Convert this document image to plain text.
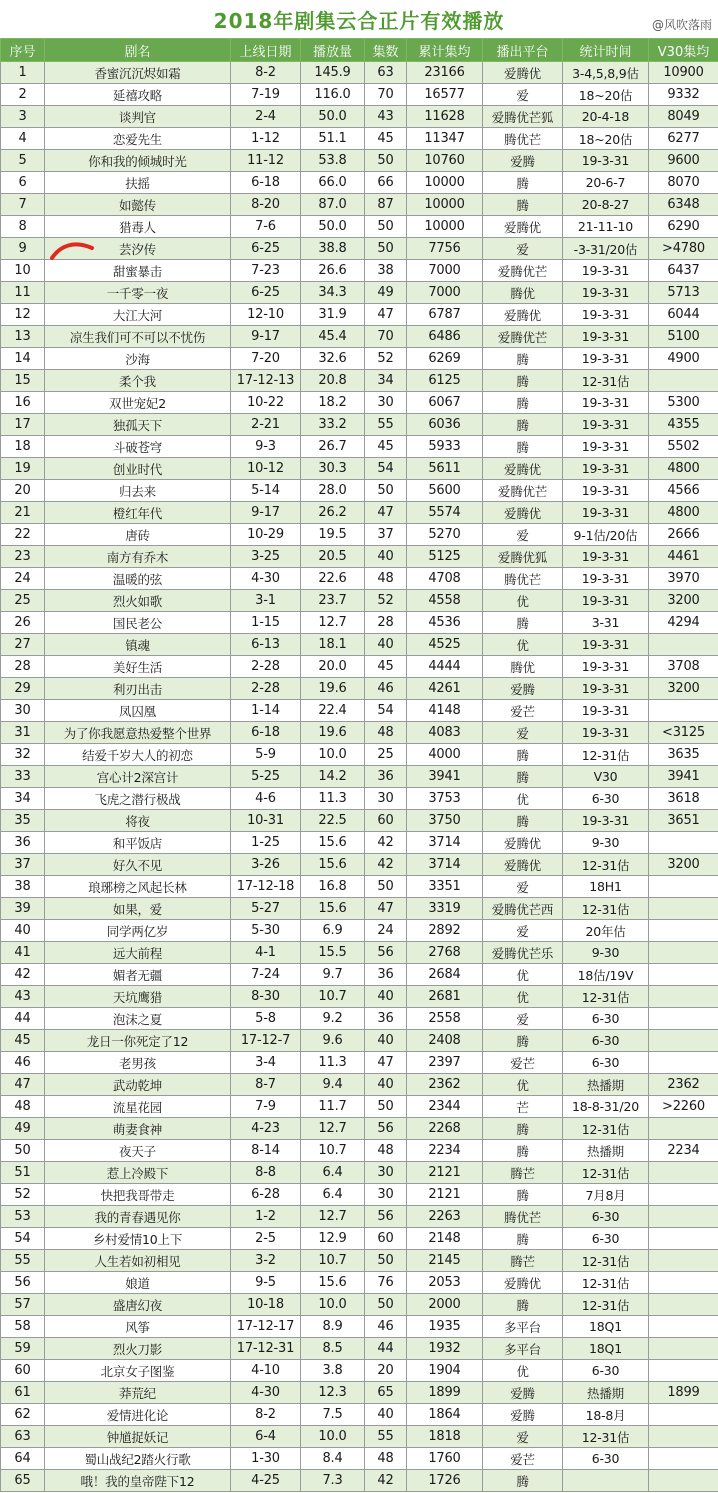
2018年剧集云合正片有效播放	@风吹落雨
序号	剧名	上线日期	播放量	集数	累计集均	播出平台	统计时间	V30集均
1	香蜜沉沉烬如霜	8-2	145.9	63	23166	爱腾优	3-4,5,8,9估	10900
2	延禧攻略	7-19	116.0	70	16577	爱	18~20估	9332
3	谈判官	2-4	50.0	43	11628	爱腾优芒狐	20-4-18	8049
4	恋爱先生	1-12	51.1	45	11347	腾优芒	18~20估	6277
5	你和我的倾城时光	11-12	53.8	50	10760	爱腾	19-3-31	9600
6	扶摇	6-18	66.0	66	10000	腾	20-6-7	8070
7	如懿传	8-20	87.0	87	10000	腾	20-8-27	6348
8	猎毒人	7-6	50.0	50	10000	爱腾优	21-11-10	6290
9	芸汐传	6-25	38.8	50	7756	爱	-3-31/20估	>4780
10	甜蜜暴击	7-23	26.6	38	7000	爱腾优芒	19-3-31	6437
11	一千零一夜	6-25	34.3	49	7000	腾优	19-3-31	5713
12	大江大河	12-10	31.9	47	6787	爱腾优	19-3-31	6044
13	凉生我们可不可以不忧伤	9-17	45.4	70	6486	爱腾优芒	19-3-31	5100
14	沙海	7-20	32.6	52	6269	腾	19-3-31	4900
15	柔个我	17-12-13	20.8	34	6125	腾	12-31估	
16	双世宠妃2	10-22	18.2	30	6067	腾	19-3-31	5300
17	独孤天下	2-21	33.2	55	6036	腾	19-3-31	4355
18	斗破苍穹	9-3	26.7	45	5933	腾	19-3-31	5502
19	创业时代	10-12	30.3	54	5611	爱腾优	19-3-31	4800
20	归去来	5-14	28.0	50	5600	爱腾优芒	19-3-31	4566
21	橙红年代	9-17	26.2	47	5574	爱腾优	19-3-31	4800
22	唐砖	10-29	19.5	37	5270	爱	9-1估/20估	2666
23	南方有乔木	3-25	20.5	40	5125	爱腾优狐	19-3-31	4461
24	温暖的弦	4-30	22.6	48	4708	腾优芒	19-3-31	3970
25	烈火如歌	3-1	23.7	52	4558	优	19-3-31	3200
26	国民老公	1-15	12.7	28	4536	腾	3-31	4294
27	镇魂	6-13	18.1	40	4525	优	19-3-31	
28	美好生活	2-28	20.0	45	4444	腾优	19-3-31	3708
29	利刃出击	2-28	19.6	46	4261	爱腾	19-3-31	3200
30	凤囚凰	1-14	22.4	54	4148	爱芒	19-3-31	
31	为了你我愿意热爱整个世界	6-18	19.6	48	4083	爱	19-3-31	<3125
32	结爱千岁大人的初恋	5-9	10.0	25	4000	腾	12-31估	3635
33	宫心计2深宫计	5-25	14.2	36	3941	腾	V30	3941
34	飞虎之潜行极战	4-6	11.3	30	3753	优	6-30	3618
35	将夜	10-31	22.5	60	3750	腾	19-3-31	3651
36	和平饭店	1-25	15.6	42	3714	爱腾优	9-30	
37	好久不见	3-26	15.6	42	3714	爱腾优	12-31估	3200
38	琅琊榜之风起长林	17-12-18	16.8	50	3351	爱	18H1	
39	如果，爱	5-27	15.6	47	3319	爱腾优芒西	12-31估	
40	同学两亿岁	5-30	6.9	24	2892	爱	20年估	
41	远大前程	4-1	15.5	56	2768	爱腾优芒乐	9-30	
42	媚者无疆	7-24	9.7	36	2684	优	18估/19V	
43	天坑鹰猎	8-30	10.7	40	2681	优	12-31估	
44	泡沫之夏	5-8	9.2	36	2558	爱	6-30	
45	龙日一你死定了12	17-12-7	9.6	40	2408	腾	6-30	
46	老男孩	3-4	11.3	47	2397	爱芒	6-30	
47	武动乾坤	8-7	9.4	40	2362	优	热播期	2362
48	流星花园	7-9	11.7	50	2344	芒	18-8-31/20	>2260
49	萌妻食神	4-23	12.7	56	2268	腾	12-31估	
50	夜天子	8-14	10.7	48	2234	腾	热播期	2234
51	惹上冷殿下	8-8	6.4	30	2121	腾芒	12-31估	
52	快把我哥带走	6-28	6.4	30	2121	腾	7月8月	
53	我的青春遇见你	1-2	12.7	56	2263	腾优芒	6-30	
54	乡村爱情10上下	2-5	12.9	60	2148	腾	6-30	
55	人生若如初相见	3-2	10.7	50	2145	腾芒	12-31估	
56	娘道	9-5	15.6	76	2053	爱腾优	12-31估	
57	盛唐幻夜	10-18	10.0	50	2000	腾	12-31估	
58	风筝	17-12-17	8.9	46	1935	多平台	18Q1	
59	烈火刀影	17-12-31	8.5	44	1932	多平台	18Q1	
60	北京女子图鉴	4-10	3.8	20	1904	优	6-30	
61	莽荒纪	4-30	12.3	65	1899	爱腾	热播期	1899
62	爱情进化论	8-2	7.5	40	1864	爱腾	18-8月	
63	钟馗捉妖记	6-4	10.0	55	1818	爱	12-31估	
64	蜀山战纪2踏火行歌	1-30	8.4	48	1760	爱芒	6-30	
65	哦！我的皇帝陛下12	4-25	7.3	42	1726	腾		
